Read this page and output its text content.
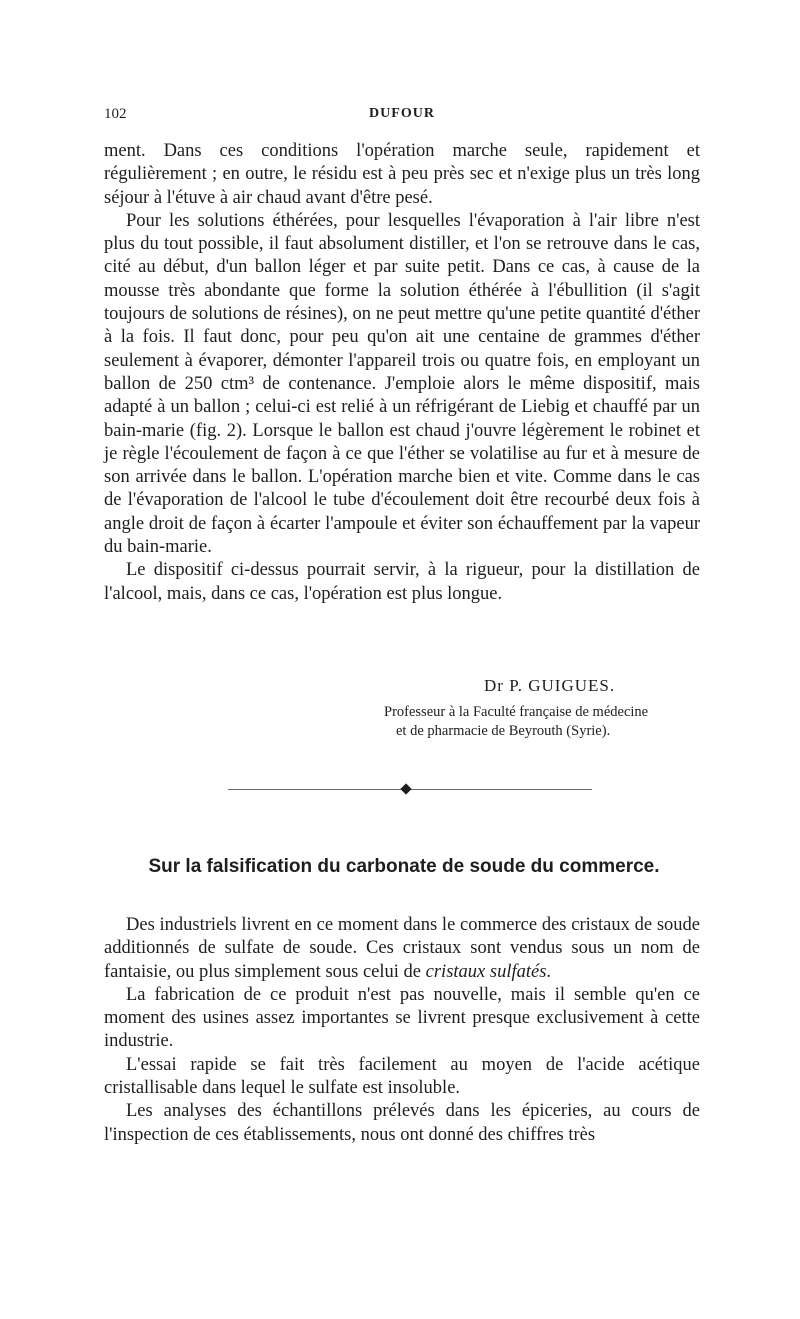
102	DUFOUR

ment. Dans ces conditions l'opération marche seule, rapidement et régulièrement ; en outre, le résidu est à peu près sec et n'exige plus un très long séjour à l'étuve à air chaud avant d'être pesé.

Pour les solutions éthérées, pour lesquelles l'évaporation à l'air libre n'est plus du tout possible, il faut absolument distiller, et l'on se retrouve dans le cas, cité au début, d'un ballon léger et par suite petit. Dans ce cas, à cause de la mousse très abondante que forme la solution éthérée à l'ébullition (il s'agit toujours de solutions de résines), on ne peut mettre qu'une petite quantité d'éther à la fois. Il faut donc, pour peu qu'on ait une centaine de grammes d'éther seulement à évaporer, démonter l'appareil trois ou quatre fois, en employant un ballon de 250 ctm³ de contenance. J'emploie alors le même dispositif, mais adapté à un ballon ; celui-ci est relié à un réfrigérant de Liebig et chauffé par un bain-marie (fig. 2). Lorsque le ballon est chaud j'ouvre légèrement le robinet et je règle l'écoulement de façon à ce que l'éther se volatilise au fur et à mesure de son arrivée dans le ballon. L'opération marche bien et vite. Comme dans le cas de l'évaporation de l'alcool le tube d'écoulement doit être recourbé deux fois à angle droit de façon à écarter l'ampoule et éviter son échauffement par la vapeur du bain-marie.

Le dispositif ci-dessus pourrait servir, à la rigueur, pour la distillation de l'alcool, mais, dans ce cas, l'opération est plus longue.

Dr P. GUIGUES.
Professeur à la Faculté française de médecine
et de pharmacie de Beyrouth (Syrie).
Sur la falsification du carbonate de soude du commerce.

Des industriels livrent en ce moment dans le commerce des cristaux de soude additionnés de sulfate de soude. Ces cristaux sont vendus sous un nom de fantaisie, ou plus simplement sous celui de cristaux sulfatés.

La fabrication de ce produit n'est pas nouvelle, mais il semble qu'en ce moment des usines assez importantes se livrent presque exclusivement à cette industrie.

L'essai rapide se fait très facilement au moyen de l'acide acétique cristallisable dans lequel le sulfate est insoluble.

Les analyses des échantillons prélevés dans les épiceries, au cours de l'inspection de ces établissements, nous ont donné des chiffres très
